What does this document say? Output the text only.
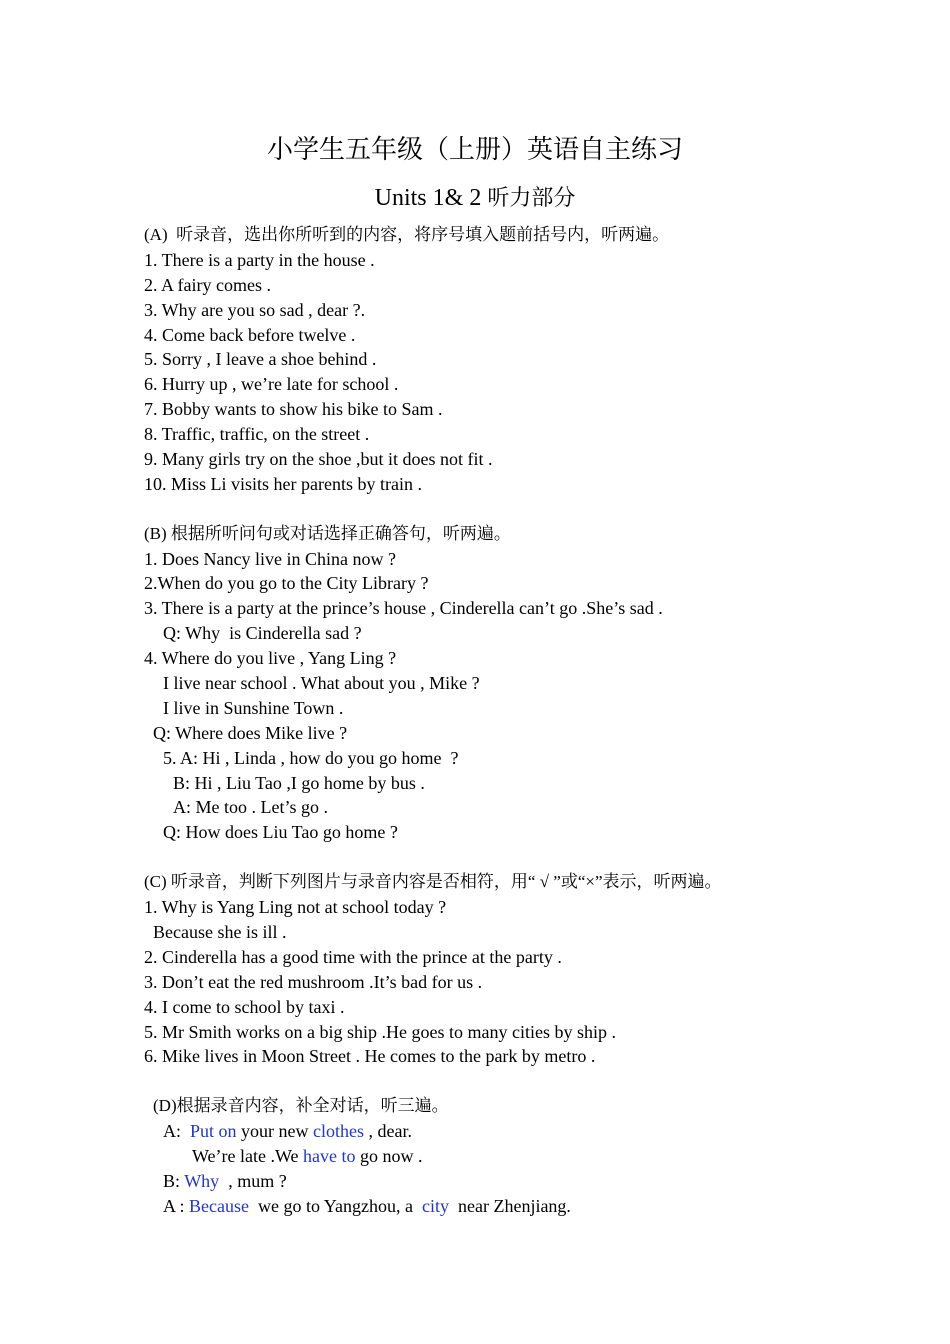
小学生五年级（上册）英语自主练习
Units 1& 2 听力部分
(A)  听录音，选出你所听到的内容，将序号填入题前括号内，听两遍。
1. There is a party in the house .
2. A fairy comes .
3. Why are you so sad , dear ?.
4. Come back before twelve .
5. Sorry , I leave a shoe behind .
6. Hurry up , we’re late for school .
7. Bobby wants to show his bike to Sam .
8. Traffic, traffic, on the street .
9. Many girls try on the shoe ,but it does not fit .
10. Miss Li visits her parents by train .
(B) 根据所听问句或对话选择正确答句，听两遍。
1. Does Nancy live in China now ?
2.When do you go to the City Library ?
3. There is a party at the prince’s house , Cinderella can’t go .She’s sad .
Q: Why  is Cinderella sad ?
4. Where do you live , Yang Ling ?
I live near school . What about you , Mike ?
I live in Sunshine Town .
Q: Where does Mike live ?
5. A: Hi , Linda , how do you go home  ?
B: Hi , Liu Tao ,I go home by bus .
A: Me too . Let’s go .
Q: How does Liu Tao go home ?
(C) 听录音，判断下列图片与录音内容是否相符，用“ √ ”或“×”表示，听两遍。
1. Why is Yang Ling not at school today ?
Because she is ill .
2. Cinderella has a good time with the prince at the party .
3. Don’t eat the red mushroom .It’s bad for us .
4. I come to school by taxi .
5. Mr Smith works on a big ship .He goes to many cities by ship .
6. Mike lives in Moon Street . He comes to the park by metro .
(D)根据录音内容，补全对话，听三遍。
A:  Put on your new clothes , dear.
We’re late .We have to go now .
B: Why  , mum ?
A : Because  we go to Yangzhou, a  city  near Zhenjiang.
